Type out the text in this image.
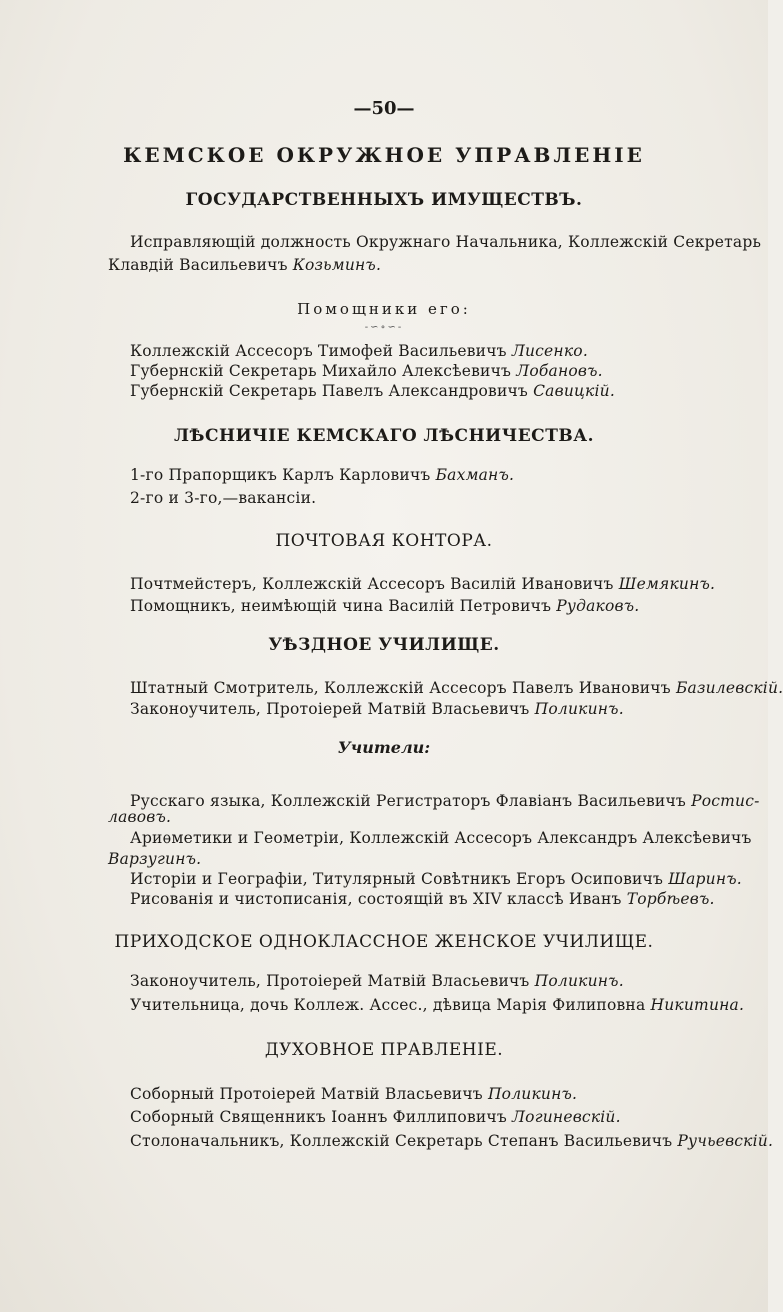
—50—
КЕМСКОЕ ОКРУЖНОЕ УПРАВЛЕНІЕ
ГОСУДАРСТВЕННЫХЪ ИМУЩЕСТВЪ.
Исправляющій должность Окружнаго Начальника, Коллежскій Секретарь
Клавдій Васильевичъ Козьминъ.
Помощники его:
-∽∘∽-
Коллежскій Ассесоръ Тимофей Васильевичъ Лисенко.
Губернскій Секретарь Михайло Алексѣевичъ Лобановъ.
Губернскій Секретарь Павелъ Александровичъ Савицкій.
ЛѢСНИЧІЕ КЕМСКАГО ЛѢСНИЧЕСТВА.
1-го Прапорщикъ Карлъ Карловичъ Бахманъ.
2-го и 3-го,—вакансіи.
ПОЧТОВАЯ КОНТОРА.
Почтмейстеръ, Коллежскій Ассесоръ Василій Ивановичъ Шемякинъ.
Помощникъ, неимѣющій чина Василій Петровичъ Рудаковъ.
УѢЗДНОЕ УЧИЛИЩЕ.
Штатный Смотритель, Коллежскій Ассесоръ Павелъ Ивановичъ Базилевскій.
Законоучитель, Протоіерей Матвій Власьевичъ Поликинъ.
Учители:
Русскаго языка, Коллежскій Регистраторъ Флавіанъ Васильевичъ Ростис-
лавовъ.
Ариѳметики и Геометріи, Коллежскій Ассесоръ Александръ Алексѣевичъ
Варзугинъ.
Исторіи и Географіи, Титулярный Совѣтникъ Егоръ Осиповичъ Шаринъ.
Рисованія и чистописанія, состоящій въ XIV классѣ Иванъ Торбѣевъ.
ПРИХОДСКОЕ ОДНОКЛАССНОЕ ЖЕНСКОЕ УЧИЛИЩЕ.
Законоучитель, Протоіерей Матвій Власьевичъ Поликинъ.
Учительница, дочь Коллеж. Ассес., дѣвица Марія Филиповна Никитина.
ДУХОВНОЕ ПРАВЛЕНІЕ.
Соборный Протоіерей Матвій Власьевичъ Поликинъ.
Соборный Священникъ Іоаннъ Филлиповичъ Логиневскій.
Столоначальникъ, Коллежскій Секретарь Степанъ Васильевичъ Ручьевскій.
